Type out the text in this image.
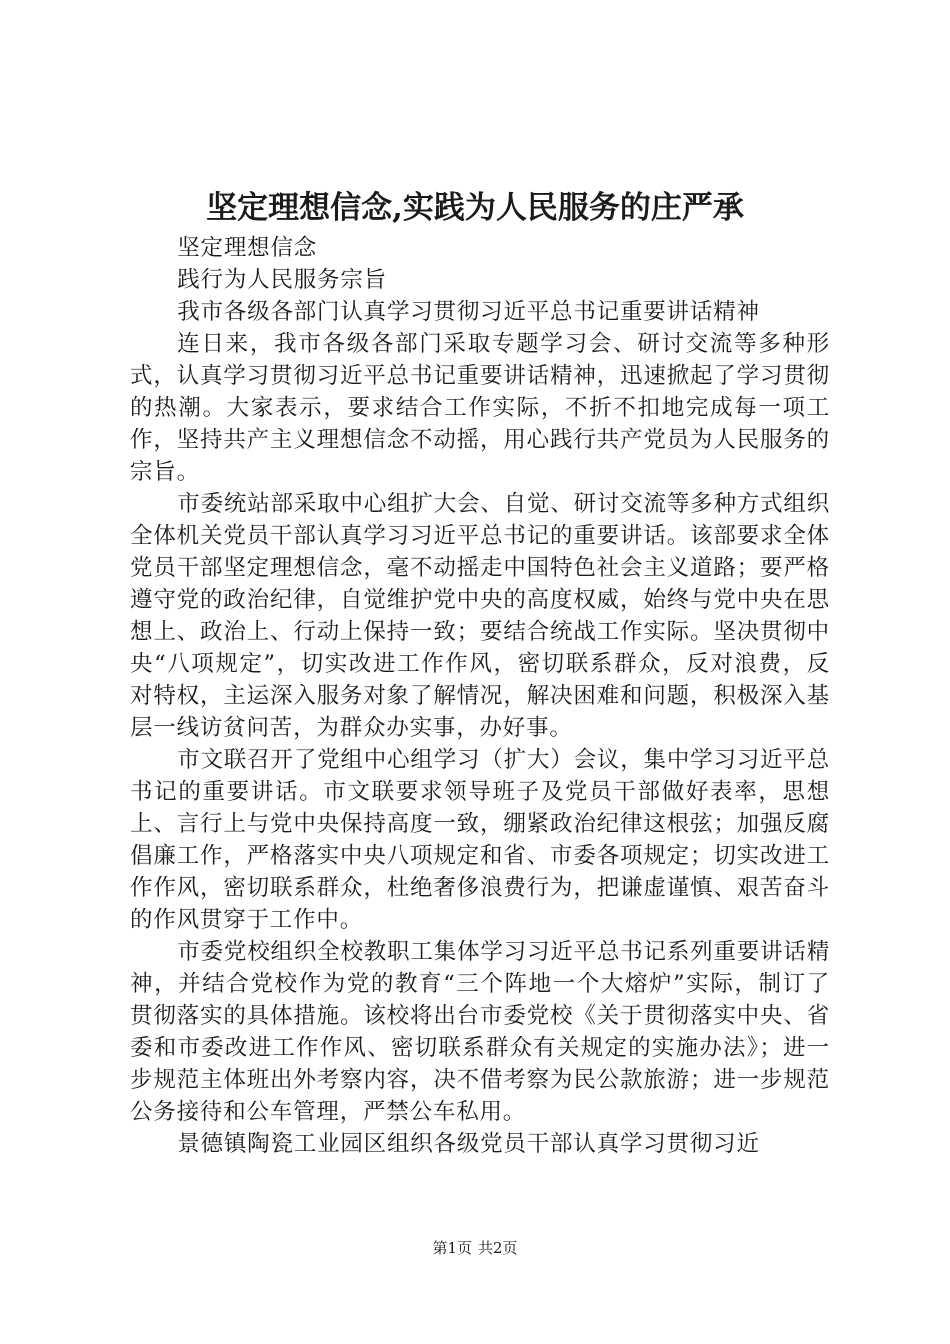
坚定理想信念,实践为人民服务的庄严承

坚定理想信念

践行为人民服务宗旨

我市各级各部门认真学习贯彻习近平总书记重要讲话精神

连日来，我市各级各部门采取专题学习会、研讨交流等多种形式，认真学习贯彻习近平总书记重要讲话精神，迅速掀起了学习贯彻的热潮。大家表示，要求结合工作实际，不折不扣地完成每一项工作，坚持共产主义理想信念不动摇，用心践行共产党员为人民服务的宗旨。

市委统站部采取中心组扩大会、自觉、研讨交流等多种方式组织全体机关党员干部认真学习习近平总书记的重要讲话。该部要求全体党员干部坚定理想信念，毫不动摇走中国特色社会主义道路；要严格遵守党的政治纪律，自觉维护党中央的高度权威，始终与党中央在思想上、政治上、行动上保持一致；要结合统战工作实际。坚决贯彻中央“八项规定”，切实改进工作作风，密切联系群众，反对浪费，反对特权，主运深入服务对象了解情况，解决困难和问题，积极深入基层一线访贫问苦，为群众办实事，办好事。

市文联召开了党组中心组学习（扩大）会议，集中学习习近平总书记的重要讲话。市文联要求领导班子及党员干部做好表率，思想上、言行上与党中央保持高度一致，绷紧政治纪律这根弦；加强反腐倡廉工作，严格落实中央八项规定和省、市委各项规定；切实改进工作作风，密切联系群众，杜绝奢侈浪费行为，把谦虚谨慎、艰苦奋斗的作风贯穿于工作中。

市委党校组织全校教职工集体学习习近平总书记系列重要讲话精神，并结合党校作为党的教育“三个阵地一个大熔炉”实际，制订了贯彻落实的具体措施。该校将出台市委党校《关于贯彻落实中央、省委和市委改进工作作风、密切联系群众有关规定的实施办法》；进一步规范主体班出外考察内容，决不借考察为民公款旅游；进一步规范公务接待和公车管理，严禁公车私用。

景德镇陶瓷工业园区组织各级党员干部认真学习贯彻习近

第1页 共2页
